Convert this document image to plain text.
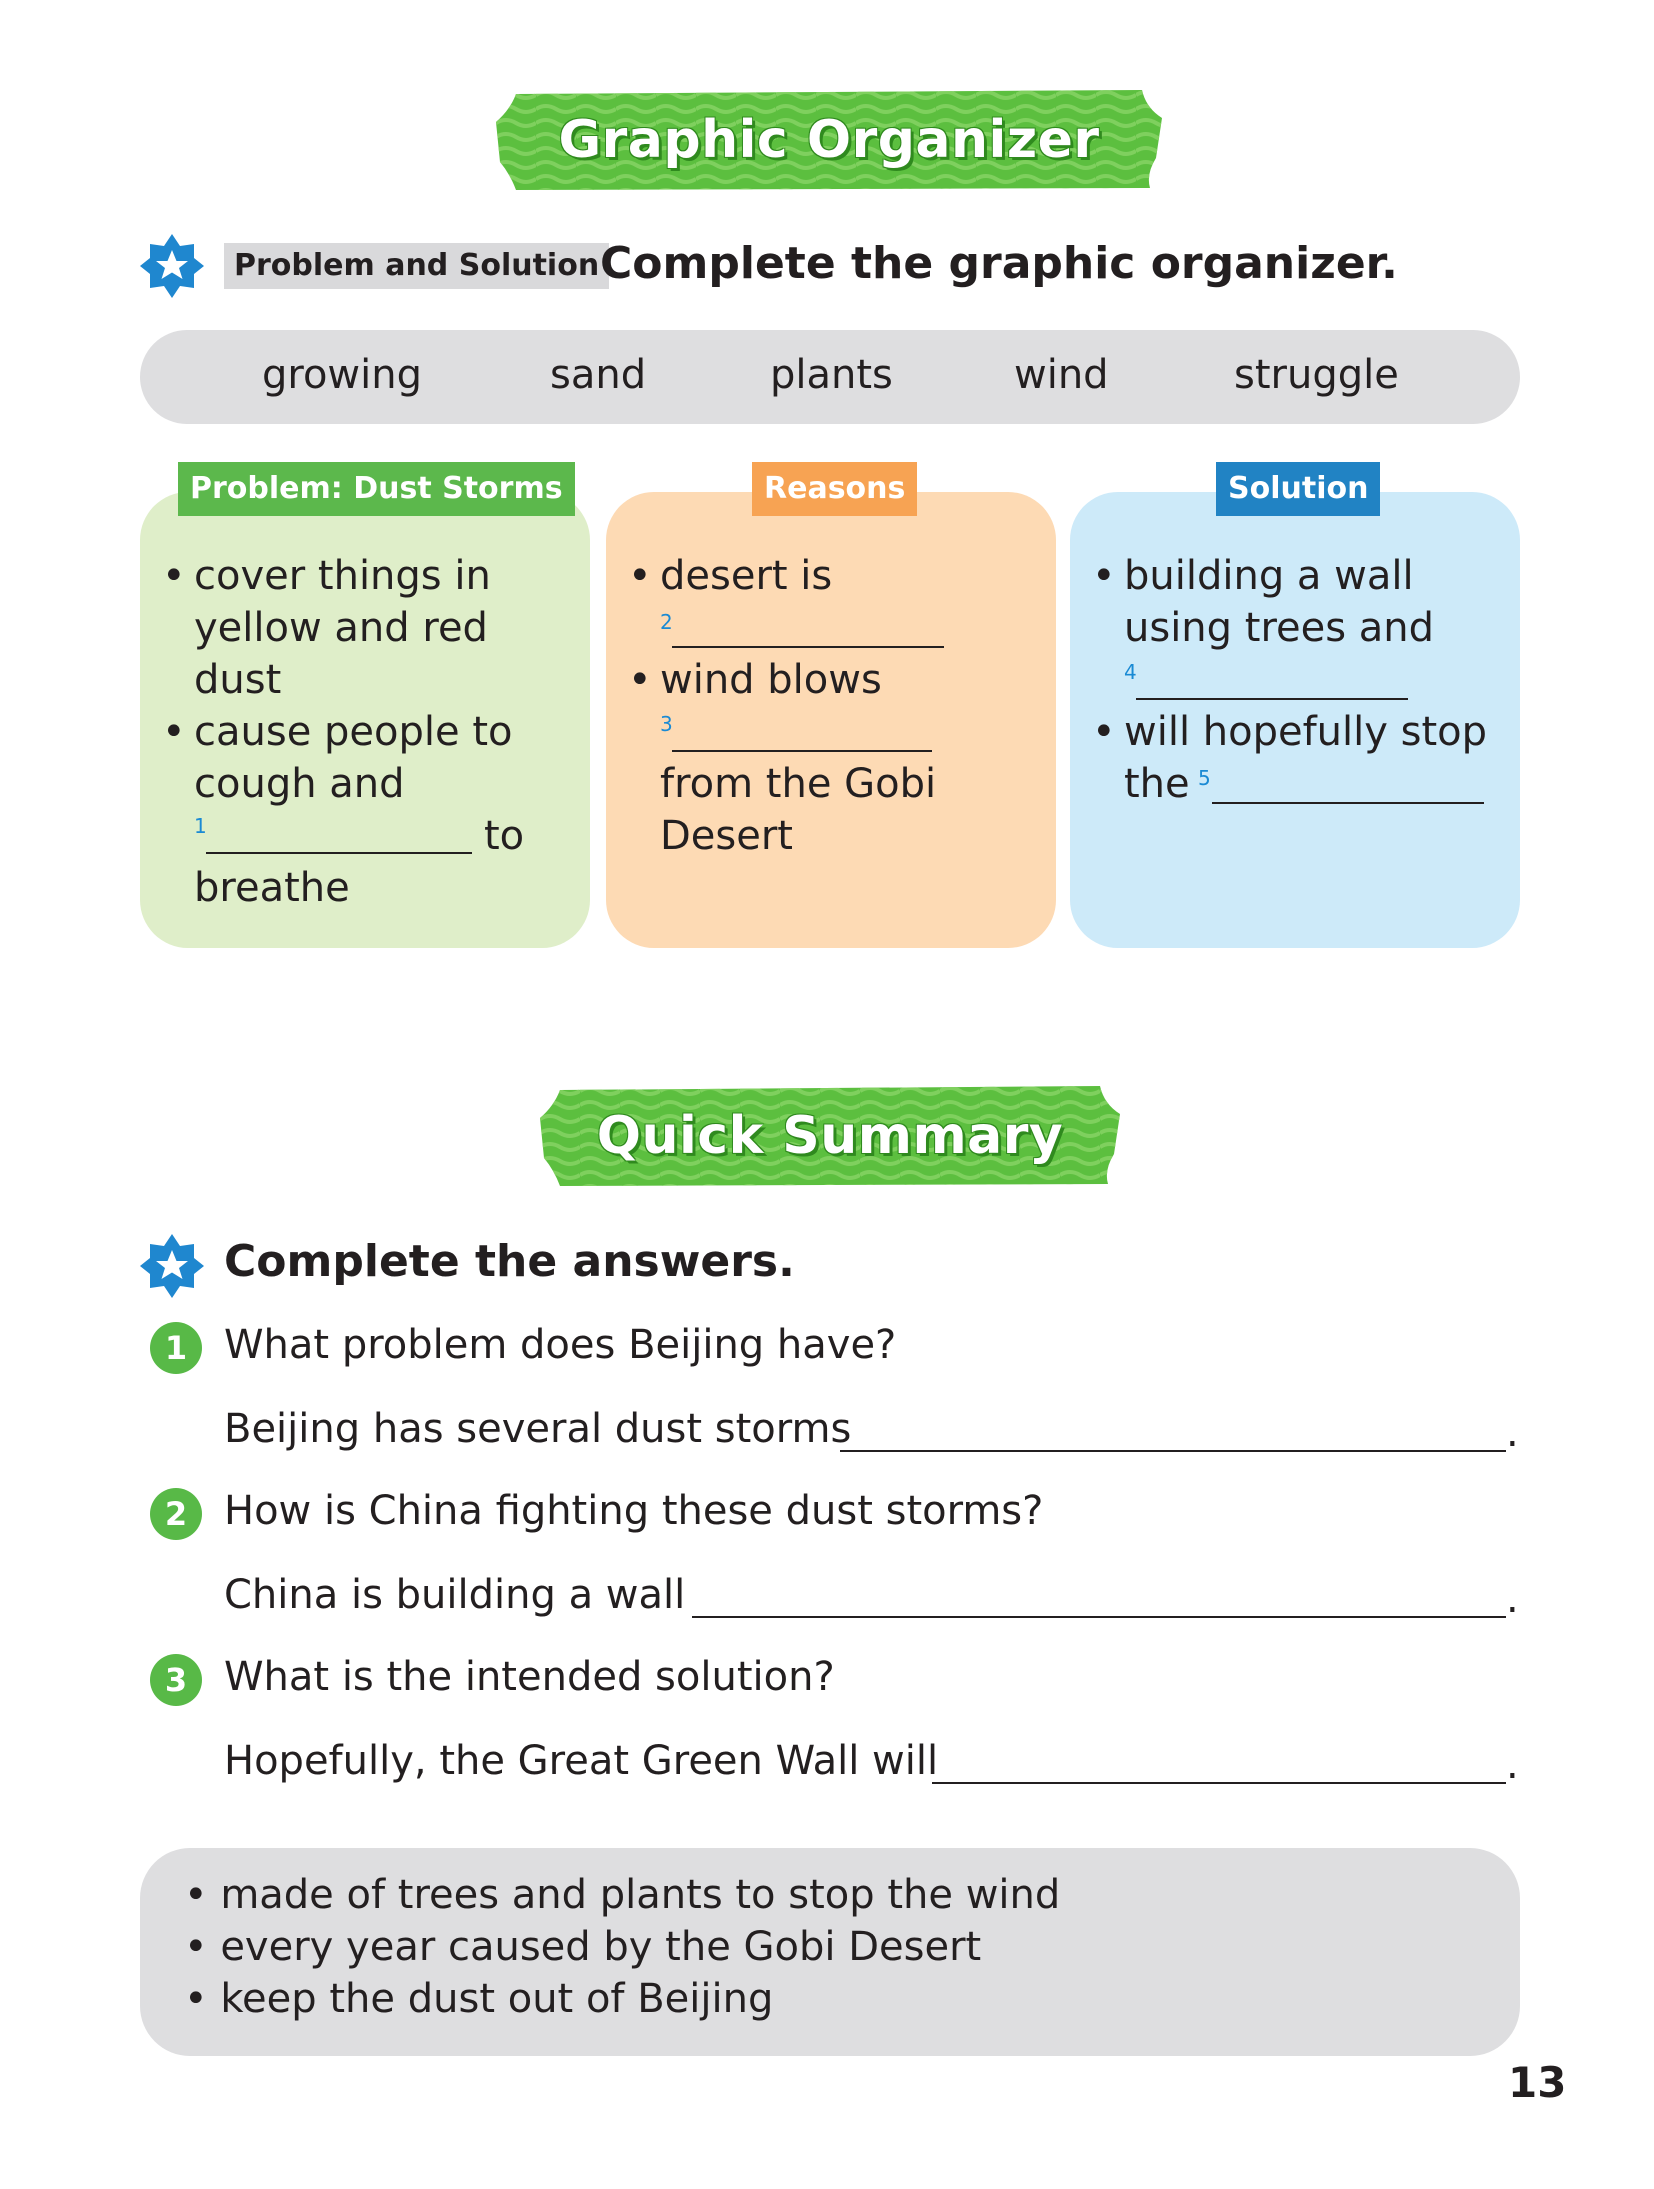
Graphic Organizer
Problem and Solution Complete the graphic organizer.
growing	sand	plants	wind	struggle
Problem: Dust Storms
• cover things in
yellow and red
dust
• cause people to
cough and
1	to
breathe
Reasons
• desert is
2
• wind blows
3
from the Gobi
Desert
Solution
• building a wall
using trees and
4
• will hopefully stop
the 5
Quick Summary
Complete the answers.
1 What problem does Beijing have?
Beijing has several dust storms	.
2 How is China fighting these dust storms?
China is building a wall	.
3 What is the intended solution?
Hopefully, the Great Green Wall will	.
• made of trees and plants to stop the wind
• every year caused by the Gobi Desert
• keep the dust out of Beijing
13
